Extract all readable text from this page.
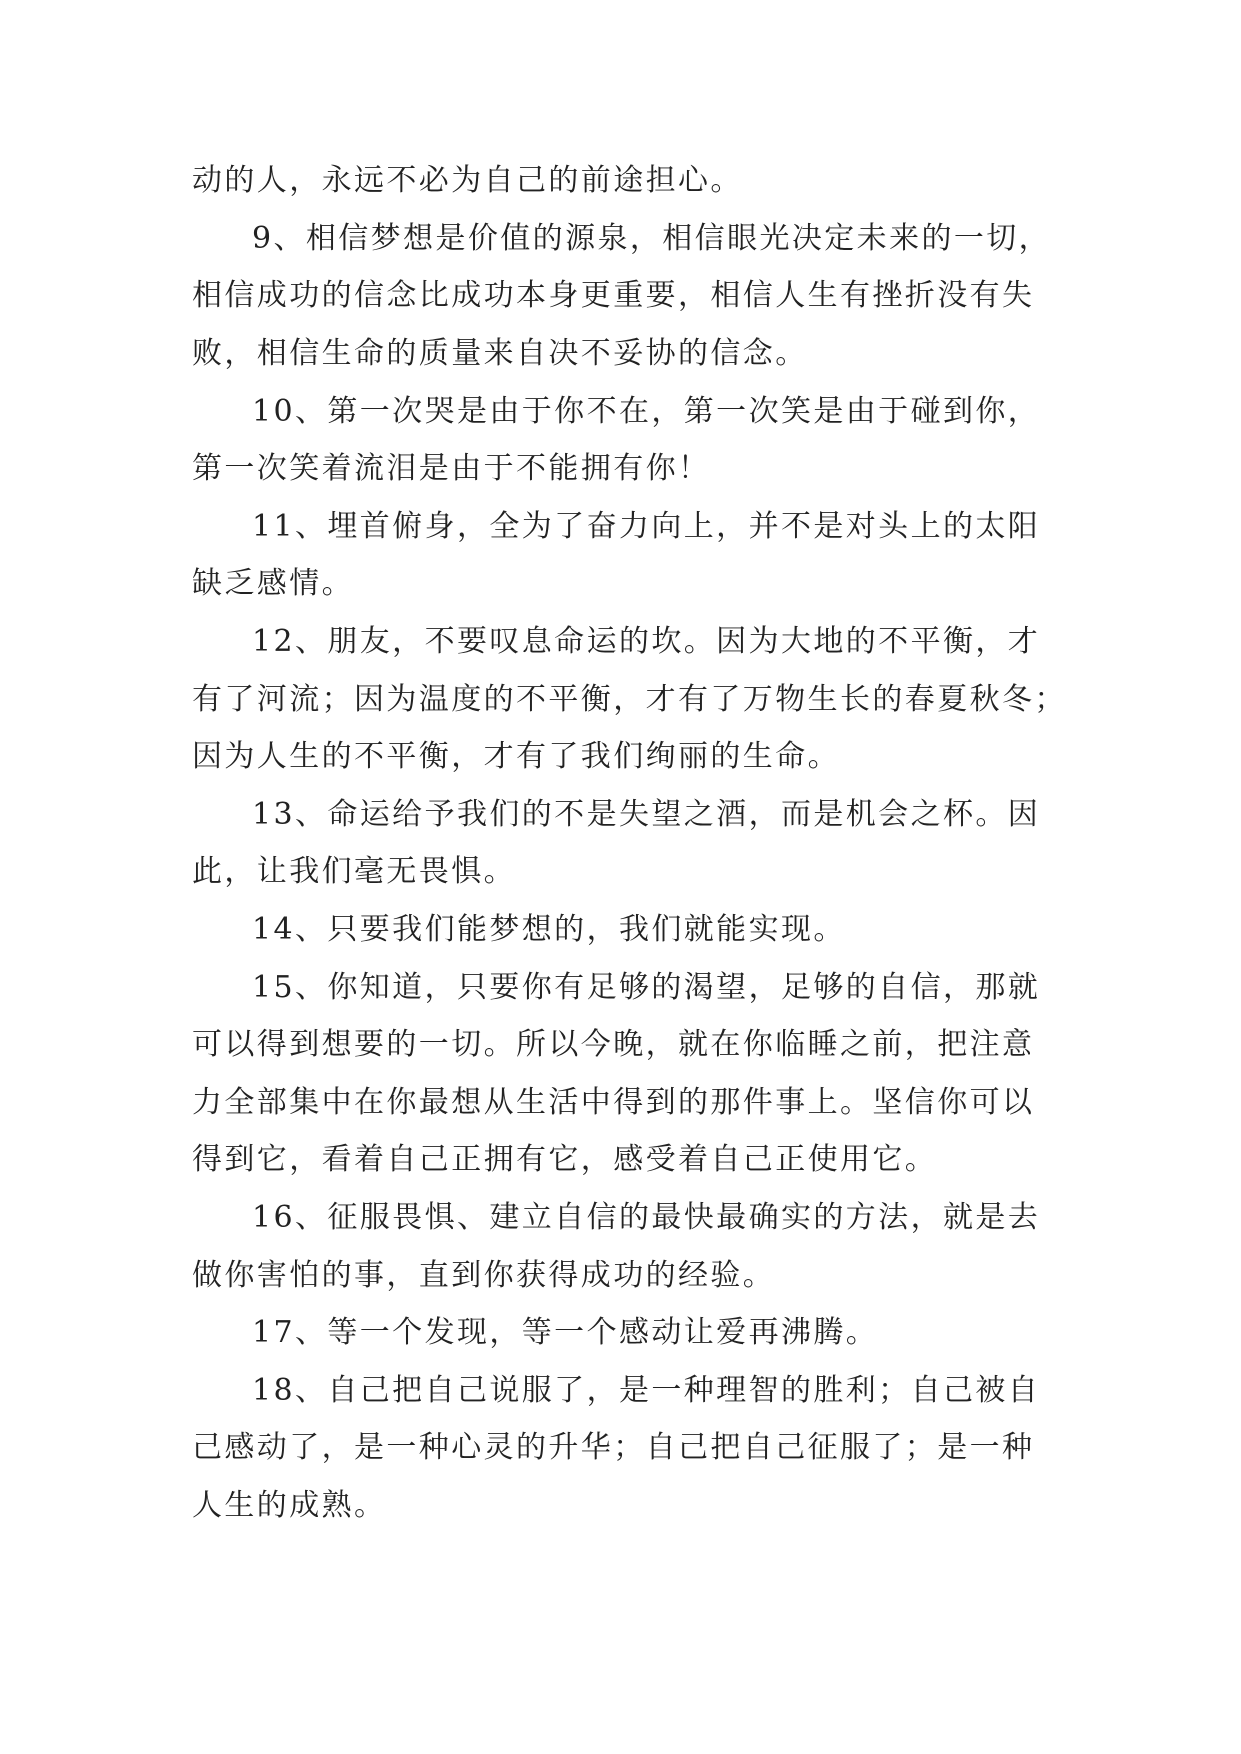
动的人，永远不必为自己的前途担心。
9、相信梦想是价值的源泉，相信眼光决定未来的一切，
相信成功的信念比成功本身更重要，相信人生有挫折没有失
败，相信生命的质量来自决不妥协的信念。
10、第一次哭是由于你不在，第一次笑是由于碰到你，
第一次笑着流泪是由于不能拥有你！
11、埋首俯身，全为了奋力向上，并不是对头上的太阳
缺乏感情。
12、朋友，不要叹息命运的坎。因为大地的不平衡，才
有了河流；因为温度的不平衡，才有了万物生长的春夏秋冬；
因为人生的不平衡，才有了我们绚丽的生命。
13、命运给予我们的不是失望之酒，而是机会之杯。因
此，让我们毫无畏惧。
14、只要我们能梦想的，我们就能实现。
15、你知道，只要你有足够的渴望，足够的自信，那就
可以得到想要的一切。所以今晚，就在你临睡之前，把注意
力全部集中在你最想从生活中得到的那件事上。坚信你可以
得到它，看着自己正拥有它，感受着自己正使用它。
16、征服畏惧、建立自信的最快最确实的方法，就是去
做你害怕的事，直到你获得成功的经验。
17、等一个发现，等一个感动让爱再沸腾。
18、自己把自己说服了，是一种理智的胜利；自己被自
己感动了，是一种心灵的升华；自己把自己征服了；是一种
人生的成熟。
